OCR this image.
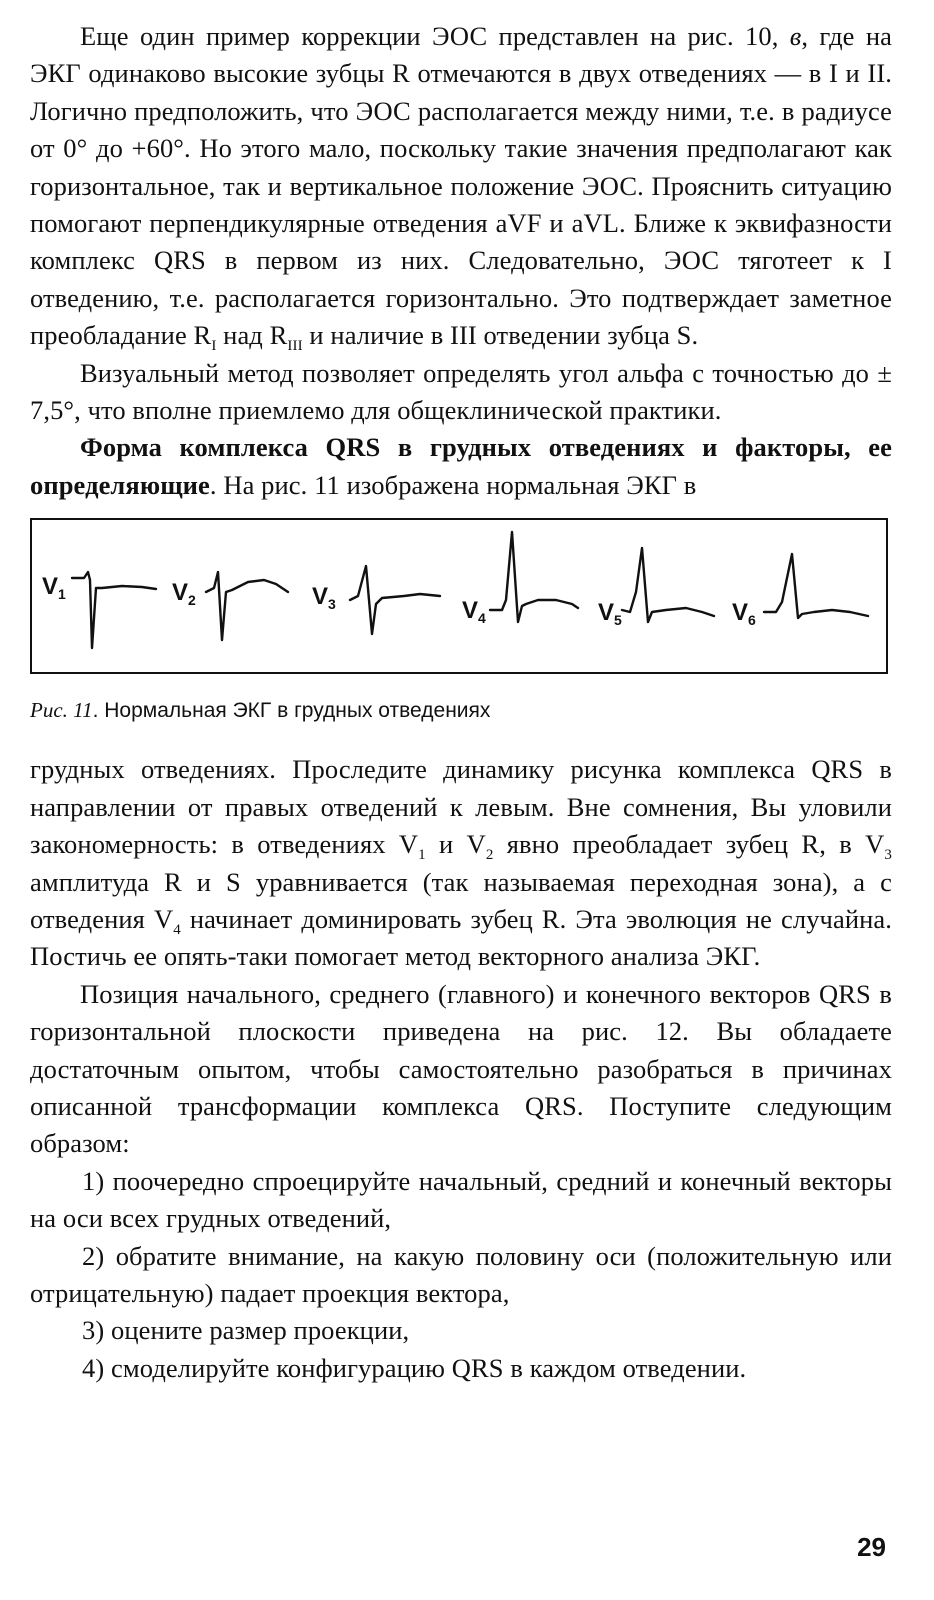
Еще один пример коррекции ЭОС представлен на рис. 10, в, где на ЭКГ одинаково высокие зубцы R отмечаются в двух отведениях — в I и II. Логично предположить, что ЭОС располагается между ними, т.е. в радиусе от 0° до +60°. Но этого мало, поскольку такие значения предполагают как горизонтальное, так и вертикальное положение ЭОС. Прояснить ситуацию помогают перпендикулярные отведения aVF и aVL. Ближе к эквифазности комплекс QRS в первом из них. Следовательно, ЭОС тяготеет к I отведению, т.е. располагается горизонтально. Это подтверждает заметное преобладание $R_I$ над $R_{III}$ и наличие в III отведении зубца S.

Визуальный метод позволяет определять угол альфа с точностью до ± 7,5°, что вполне приемлемо для общеклинической практики.

Форма комплекса QRS в грудных отведениях и факторы, ее определяющие. На рис. 11 изображена нормальная ЭКГ в

$V_1$	$V_2$	$V_3$	$V_4$	$V_5$	$V_6$
Рис. 11. Нормальная ЭКГ в грудных отведениях

грудных отведениях. Проследите динамику рисунка комплекса QRS в направлении от правых отведений к левым. Вне сомнения, Вы уловили закономерность: в отведениях $V_1$ и $V_2$ явно преобладает зубец R, в $V_3$ амплитуда R и S уравнивается (так называемая переходная зона), а с отведения $V_4$ начинает доминировать зубец R. Эта эволюция не случайна. Постичь ее опять-таки помогает метод векторного анализа ЭКГ.

Позиция начального, среднего (главного) и конечного векторов QRS в горизонтальной плоскости приведена на рис. 12. Вы обладаете достаточным опытом, чтобы самостоятельно разобраться в причинах описанной трансформации комплекса QRS. Поступите следующим образом:

1) поочередно спроецируйте начальный, средний и конечный векторы на оси всех грудных отведений,

2) обратите внимание, на какую половину оси (положительную или отрицательную) падает проекция вектора,

3) оцените размер проекции,

4) смоделируйте конфигурацию QRS в каждом отведении.

29
